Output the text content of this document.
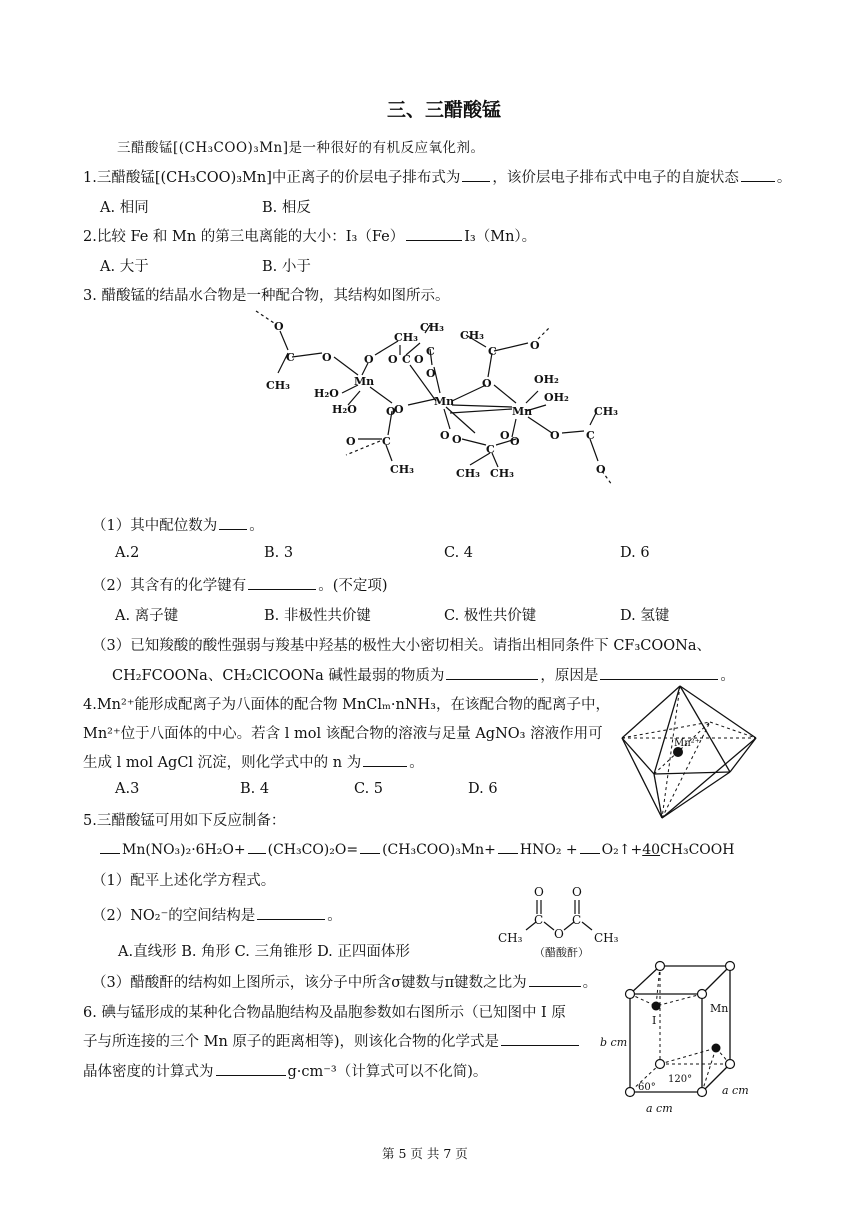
三、三醋酸锰
三醋酸锰[(CH₃COO)₃Mn]是一种很好的有机反应氧化剂。
1.三醋酸锰[(CH₃COO)₃Mn]中正离子的价层电子排布式为 ，该价层电子排布式中电子的自旋状态	。
A. 相同	B. 相反
2.比较 Fe 和 Mn 的第三电离能的大小：I₃（Fe）	I₃（Mn）。
A. 大于	B. 小于
3. 醋酸锰的结晶水合物是一种配合物，其结构如图所示。
O
C
CH₃
O
Mn
H₂O
H₂O
O
CH₃
CH₃
O C O
C
O
O
Mn
CH₃
C	O
O	OH₂
OH₂
Mn
O C
CH₃
O
O
O O
C
O O
CH₃ CH₃
C
O
CH₃
（1）其中配位数为 。
A.2	B. 3	C. 4	D. 6
（2）其含有的化学键有	。(不定项)
A. 离子键	B. 非极性共价键	C. 极性共价键	D. 氢键
（3）已知羧酸的酸性强弱与羧基中羟基的极性大小密切相关。请指出相同条件下 CF₃COONa、
CH₂FCOONa、CH₂ClCOONa 碱性最弱的物质为	，原因是	。
4.Mn²⁺能形成配离子为八面体的配合物 MnClₘ·nNH₃，在该配合物的配离子中，
Mn²⁺位于八面体的中心。若含 l mol 该配合物的溶液与足量 AgNO₃ 溶液作用可
生成 l mol AgCl 沉淀，则化学式中的 n 为	。
A.3	B. 4	C. 5	D. 6
Mn²⁺
5.三醋酸锰可用如下反应制备：
Mn(NO₃)₂·6H₂O+ (CH₃CO)₂O= (CH₃COO)₃Mn+ HNO₂ + O₂↑+40CH₃COOH
（1）配平上述化学方程式。
（2）NO₂⁻的空间结构是	。
A.直线形 B. 角形 C. 三角锥形 D. 正四面体形
O O
C C
O
CH₃	CH₃
（醋酸酐）
（3）醋酸酐的结构如上图所示，该分子中所含σ键数与π键数之比为	。
6. 碘与锰形成的某种化合物晶胞结构及晶胞参数如右图所示（已知图中 I 原
子与所连接的三个 Mn 原子的距离相等)，则该化合物的化学式是
晶体密度的计算式为	g·cm⁻³（计算式可以不化简)。
I
Mn
b cm
a cm
a cm
60°
120°
第 5 页 共 7 页
